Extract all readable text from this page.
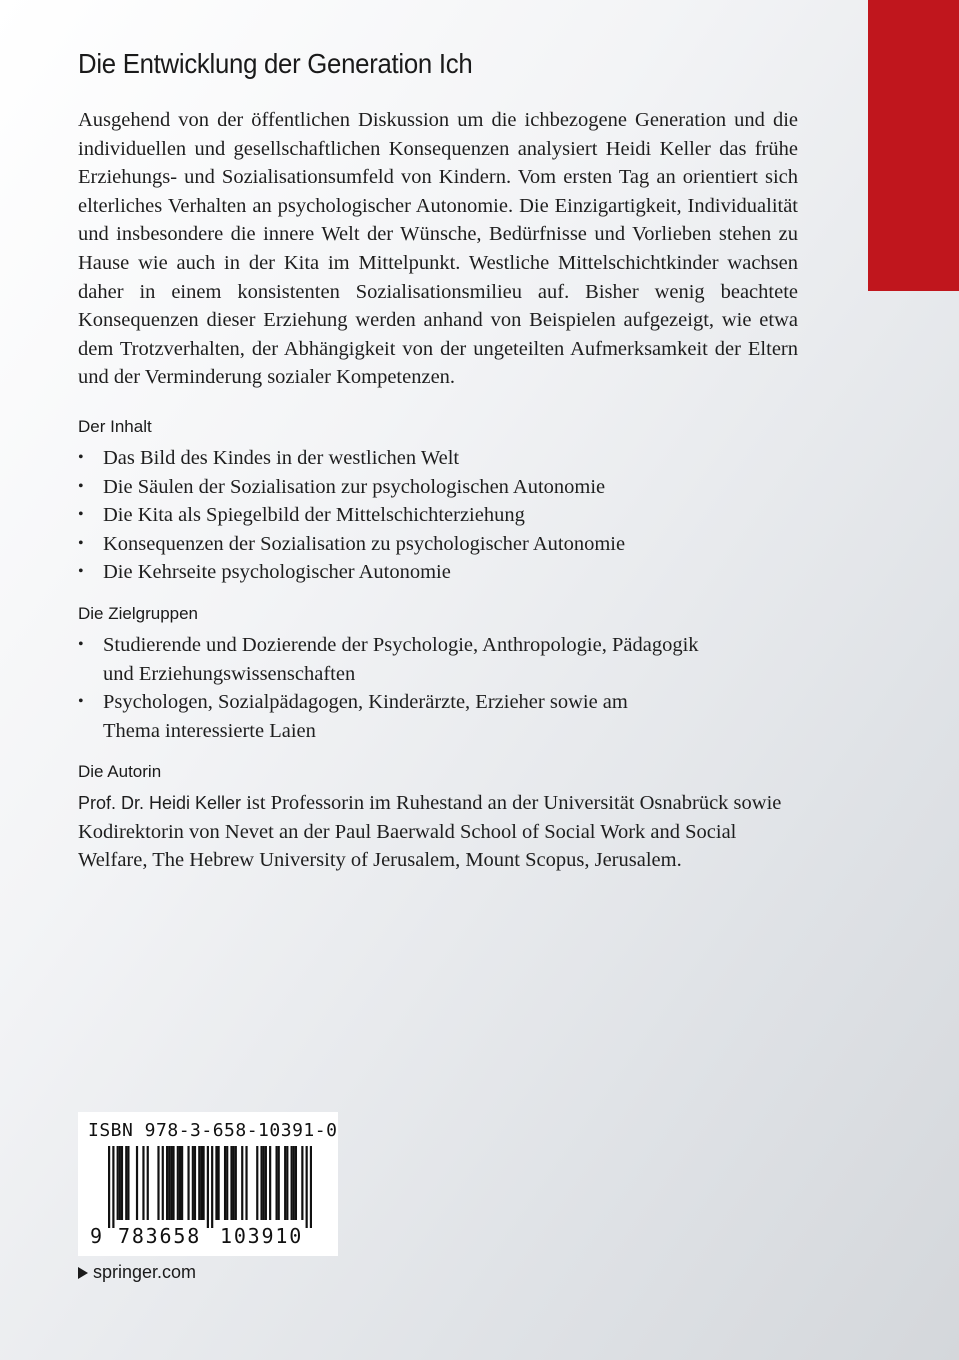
Die Entwicklung der Generation Ich

Ausgehend von der öffentlichen Diskussion um die ichbezogene Generation und die individuellen und gesellschaftlichen Konsequenzen analysiert Heidi Keller das frühe Erziehungs- und Sozialisationsumfeld von Kindern. Vom ersten Tag an orientiert sich elterliches Verhalten an psychologischer Autonomie. Die Einzigartigkeit, Individualität und insbesondere die innere Welt der Wünsche, Bedürfnisse und Vorlieben stehen zu Hause wie auch in der Kita im Mittelpunkt. Westliche Mittelschichtkinder wachsen daher in einem konsistenten Sozialisationsmilieu auf. Bisher wenig beachtete Konsequenzen dieser Erziehung werden anhand von Beispielen aufgezeigt, wie etwa dem Trotzverhalten, der Abhängigkeit von der ungeteilten Aufmerksamkeit der Eltern und der Verminderung sozialer Kompetenzen.

Der Inhalt
• Das Bild des Kindes in der westlichen Welt
• Die Säulen der Sozialisation zur psychologischen Autonomie
• Die Kita als Spiegelbild der Mittelschichterziehung
• Konsequenzen der Sozialisation zu psychologischer Autonomie
• Die Kehrseite psychologischer Autonomie
Die Zielgruppen
• Studierende und Dozierende der Psychologie, Anthropologie, Pädagogik und Erziehungswissenschaften
• Psychologen, Sozialpädagogen, Kinderärzte, Erzieher sowie am Thema interessierte Laien
Die Autorin

Prof. Dr. Heidi Keller ist Professorin im Ruhestand an der Universität Osnabrück sowie Kodirektorin von Nevet an der Paul Baerwald School of Social Work and Social Welfare, The Hebrew University of Jerusalem, Mount Scopus, Jerusalem.

ISBN 978-3-658-10391-0
9 783658 103910
springer.com
